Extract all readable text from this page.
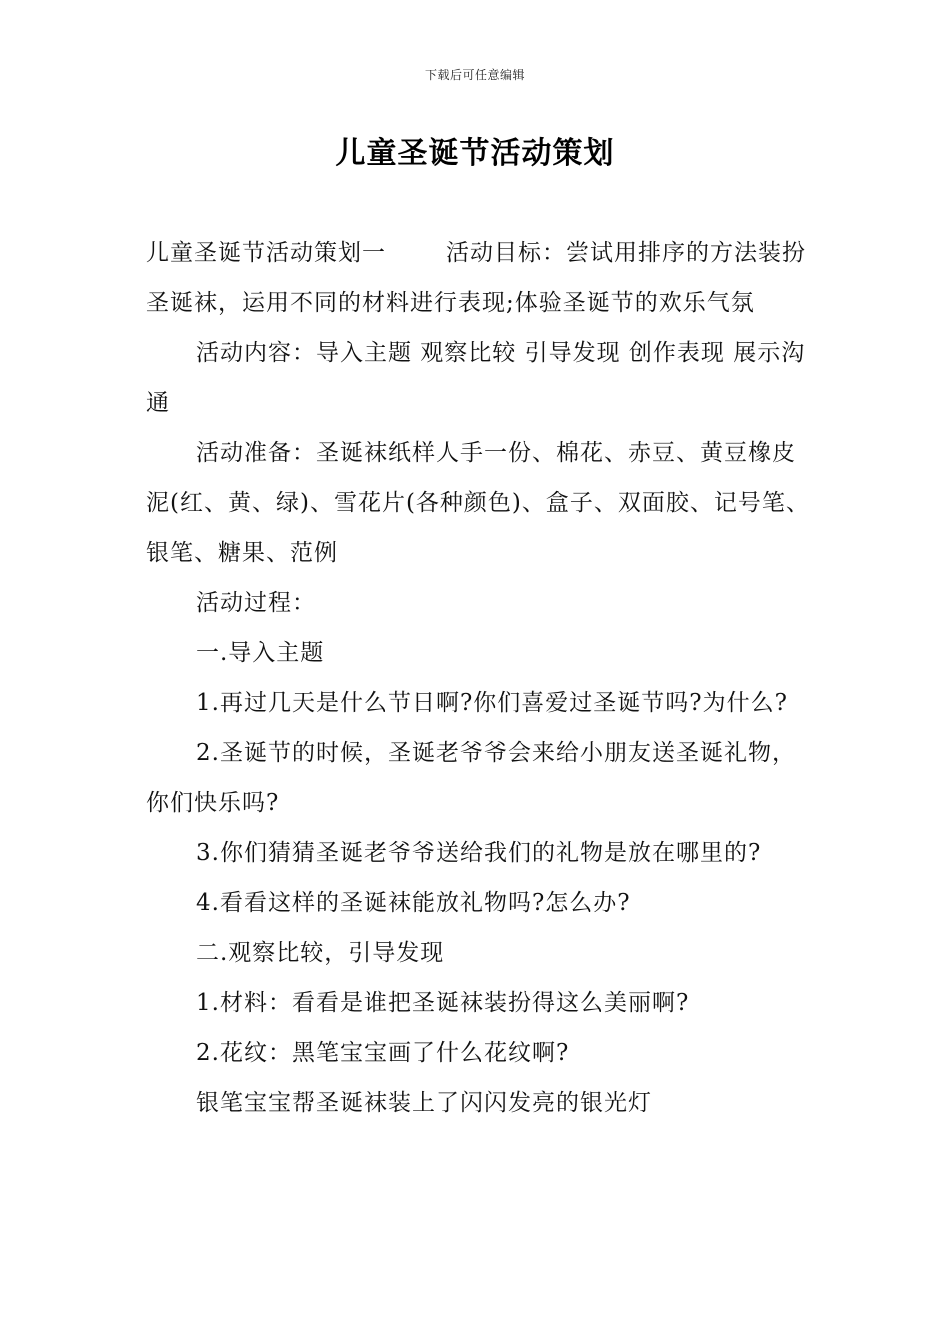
下载后可任意编辑
儿童圣诞节活动策划

儿童圣诞节活动策划一	活动目标：尝试用排序的方法装扮圣诞袜，运用不同的材料进行表现;体验圣诞节的欢乐气氛

活动内容：导入主题 观察比较 引导发现 创作表现 展示沟通

活动准备：圣诞袜纸样人手一份、棉花、赤豆、黄豆橡皮泥(红、黄、绿)、雪花片(各种颜色)、盒子、双面胶、记号笔、银笔、糖果、范例

活动过程：

一.导入主题

1.再过几天是什么节日啊?你们喜爱过圣诞节吗?为什么?

2.圣诞节的时候，圣诞老爷爷会来给小朋友送圣诞礼物，你们快乐吗?

3.你们猜猜圣诞老爷爷送给我们的礼物是放在哪里的?

4.看看这样的圣诞袜能放礼物吗?怎么办?

二.观察比较，引导发现

1.材料：看看是谁把圣诞袜装扮得这么美丽啊?

2.花纹：黑笔宝宝画了什么花纹啊?

银笔宝宝帮圣诞袜装上了闪闪发亮的银光灯
